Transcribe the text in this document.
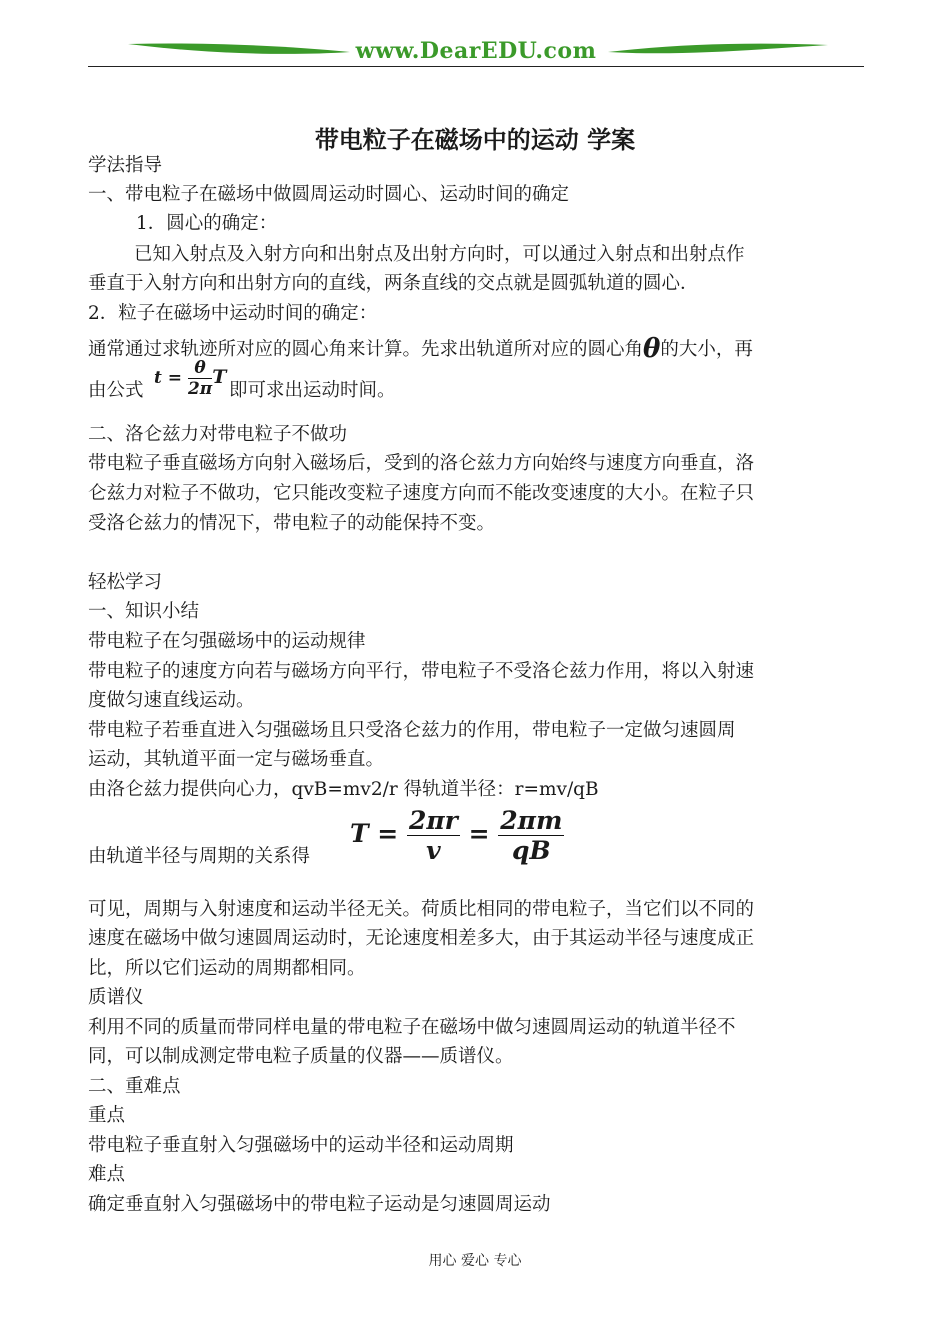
www.DearEDU.com
带电粒子在磁场中的运动 学案
学法指导
一、带电粒子在磁场中做圆周运动时圆心、运动时间的确定
1．圆心的确定：
已知入射点及入射方向和出射点及出射方向时，可以通过入射点和出射点作
垂直于入射方向和出射方向的直线，两条直线的交点就是圆弧轨道的圆心．
2．粒子在磁场中运动时间的确定：
通常通过求轨迹所对应的圆心角来计算。先求出轨道所对应的圆心角θ的大小，再
由公式
$t = \frac{\theta}{2\pi}$ T
即可求出运动时间。
二、洛仑兹力对带电粒子不做功
带电粒子垂直磁场方向射入磁场后，受到的洛仑兹力方向始终与速度方向垂直，洛
仑兹力对粒子不做功，它只能改变粒子速度方向而不能改变速度的大小。在粒子只
受洛仑兹力的情况下，带电粒子的动能保持不变。
轻松学习
一、知识小结
带电粒子在匀强磁场中的运动规律
带电粒子的速度方向若与磁场方向平行，带电粒子不受洛仑兹力作用，将以入射速
度做匀速直线运动。
带电粒子若垂直进入匀强磁场且只受洛仑兹力的作用，带电粒子一定做匀速圆周
运动，其轨道平面一定与磁场垂直。
由洛仑兹力提供向心力，qvB=mv2/r 得轨道半径：r=mv/qB
由轨道半径与周期的关系得
$T = \frac{2\pi r}{v} = \frac{2\pi m}{qB}$
可见，周期与入射速度和运动半径无关。荷质比相同的带电粒子，当它们以不同的
速度在磁场中做匀速圆周运动时，无论速度相差多大，由于其运动半径与速度成正
比，所以它们运动的周期都相同。
质谱仪
利用不同的质量而带同样电量的带电粒子在磁场中做匀速圆周运动的轨道半径不
同，可以制成测定带电粒子质量的仪器——质谱仪。
二、重难点
重点
带电粒子垂直射入匀强磁场中的运动半径和运动周期
难点
确定垂直射入匀强磁场中的带电粒子运动是匀速圆周运动
用心 爱心 专心
